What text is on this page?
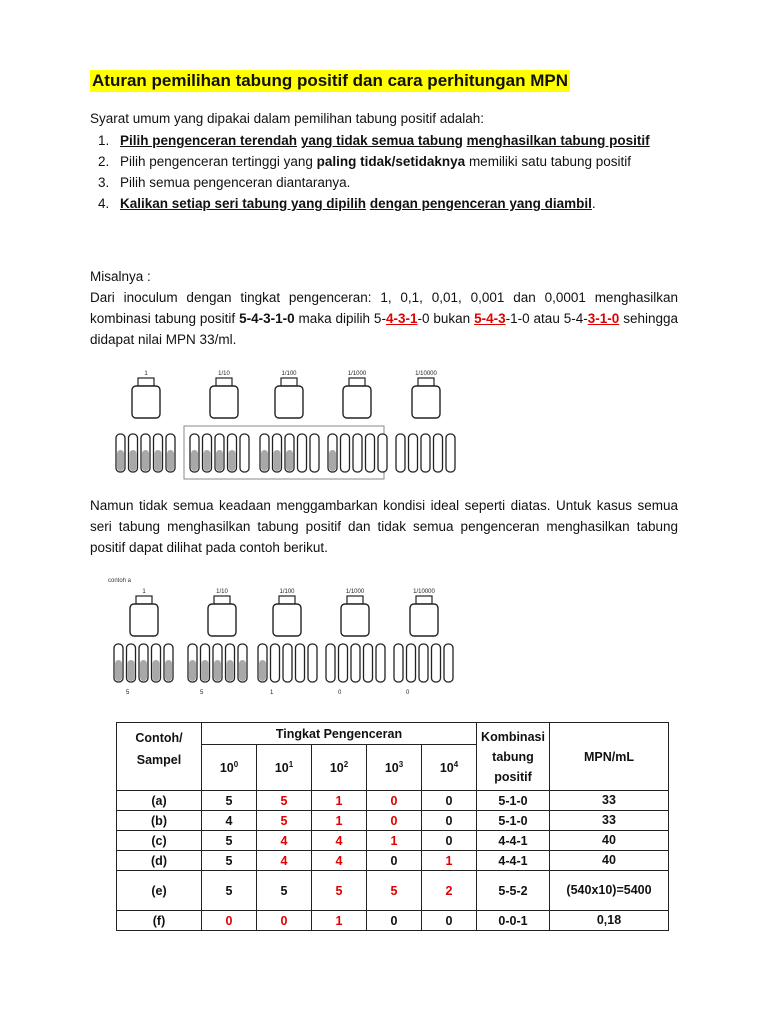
Aturan pemilihan tabung positif dan cara perhitungan MPN
Syarat umum yang dipakai dalam pemilihan tabung positif adalah:
1. Pilih pengenceran terendah yang tidak semua tabung menghasilkan tabung positif
2. Pilih pengenceran tertinggi yang paling tidak/setidaknya memiliki satu tabung positif
3. Pilih semua pengenceran diantaranya.
4. Kalikan setiap seri tabung yang dipilih dengan pengenceran yang diambil.
Misalnya :
Dari inoculum dengan tingkat pengenceran: 1, 0,1, 0,01, 0,001 dan 0,0001 menghasilkan kombinasi tabung positif 5-4-3-1-0 maka dipilih 5-4-3-1-0 bukan 5-4-3-1-0 atau 5-4-3-1-0 sehingga didapat nilai MPN 33/ml.
1	1/10	1/100	1/1000	1/10000
Namun tidak semua keadaan menggambarkan kondisi ideal seperti diatas. Untuk kasus semua seri tabung menghasilkan tabung positif dan tidak semua pengenceran menghasilkan tabung positif dapat dilihat pada contoh berikut.
contoh a
1
5
1/10
5
1/100
1
1/1000
0
1/10000
0
Contoh/ Sampel	Tingkat Pengenceran					Kombinasi tabung positif	MPN/mL
	$10^0$	$10^1$	$10^2$	$10^3$	$10^4$
(a)	5	5	1	0	0	5-1-0	33
(b)	4	5	1	0	0	5-1-0	33
(c)	5	4	4	1	0	4-4-1	40
(d)	5	4	4	0	1	4-4-1	40
(e)	5	5	5	5	2	5-5-2	(540x10)=5400
(f)	0	0	1	0	0	0-0-1	0,18
